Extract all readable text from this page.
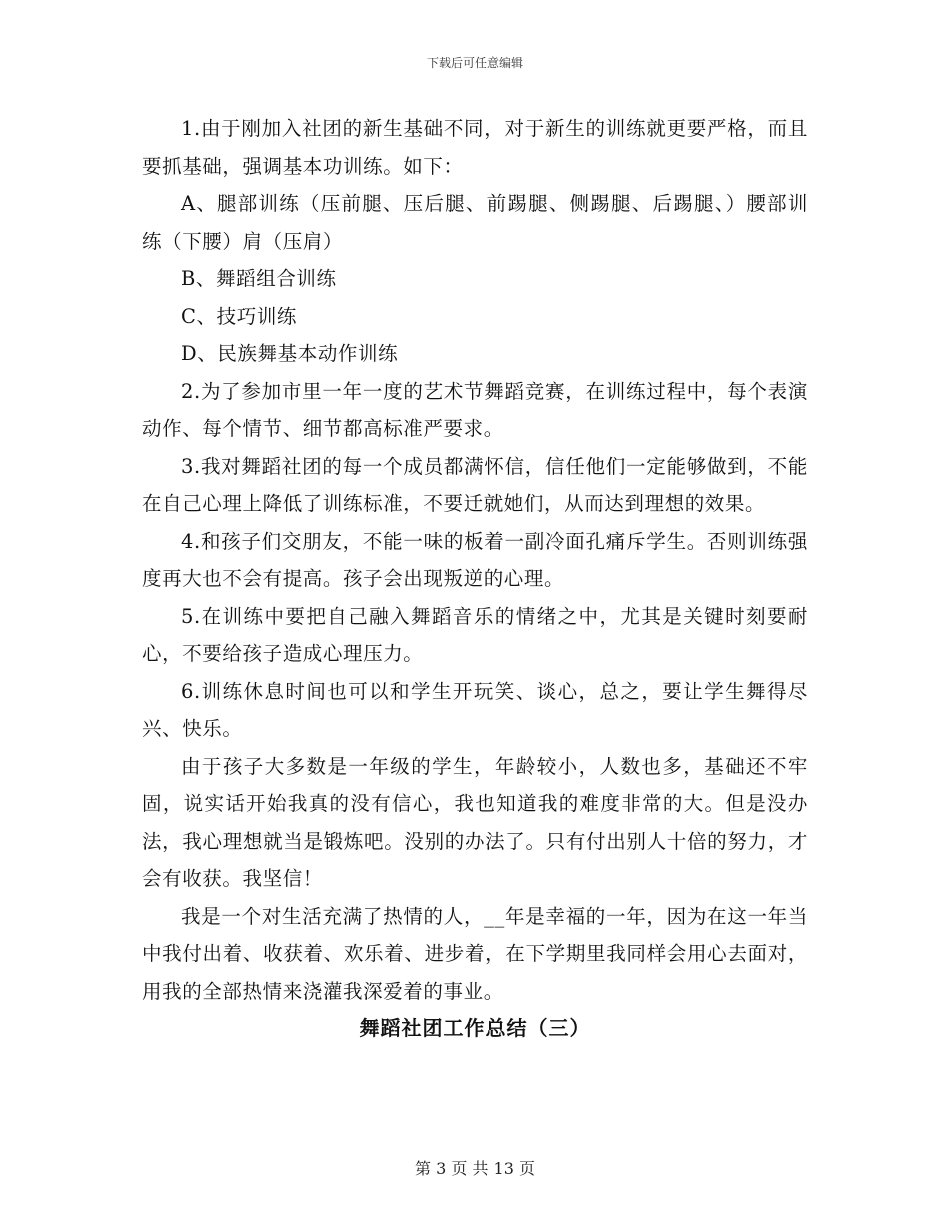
下载后可任意编辑

1.由于刚加入社团的新生基础不同，对于新生的训练就更要严格，而且要抓基础，强调基本功训练。如下：

A、腿部训练（压前腿、压后腿、前踢腿、侧踢腿、后踢腿、）腰部训练（下腰）肩（压肩）

B、舞蹈组合训练

C、技巧训练

D、民族舞基本动作训练

2.为了参加市里一年一度的艺术节舞蹈竞赛，在训练过程中，每个表演动作、每个情节、细节都高标准严要求。

3.我对舞蹈社团的每一个成员都满怀信，信任他们一定能够做到，不能在自己心理上降低了训练标准，不要迁就她们，从而达到理想的效果。

4.和孩子们交朋友，不能一味的板着一副冷面孔痛斥学生。否则训练强度再大也不会有提高。孩子会出现叛逆的心理。

5.在训练中要把自己融入舞蹈音乐的情绪之中，尤其是关键时刻要耐心，不要给孩子造成心理压力。

6.训练休息时间也可以和学生开玩笑、谈心，总之，要让学生舞得尽兴、快乐。

由于孩子大多数是一年级的学生，年龄较小，人数也多，基础还不牢固，说实话开始我真的没有信心，我也知道我的难度非常的大。但是没办法，我心理想就当是锻炼吧。没别的办法了。只有付出别人十倍的努力，才会有收获。我坚信！

我是一个对生活充满了热情的人，__年是幸福的一年，因为在这一年当中我付出着、收获着、欢乐着、进步着，在下学期里我同样会用心去面对，用我的全部热情来浇灌我深爱着的事业。

舞蹈社团工作总结（三）

第 3 页 共 13 页
